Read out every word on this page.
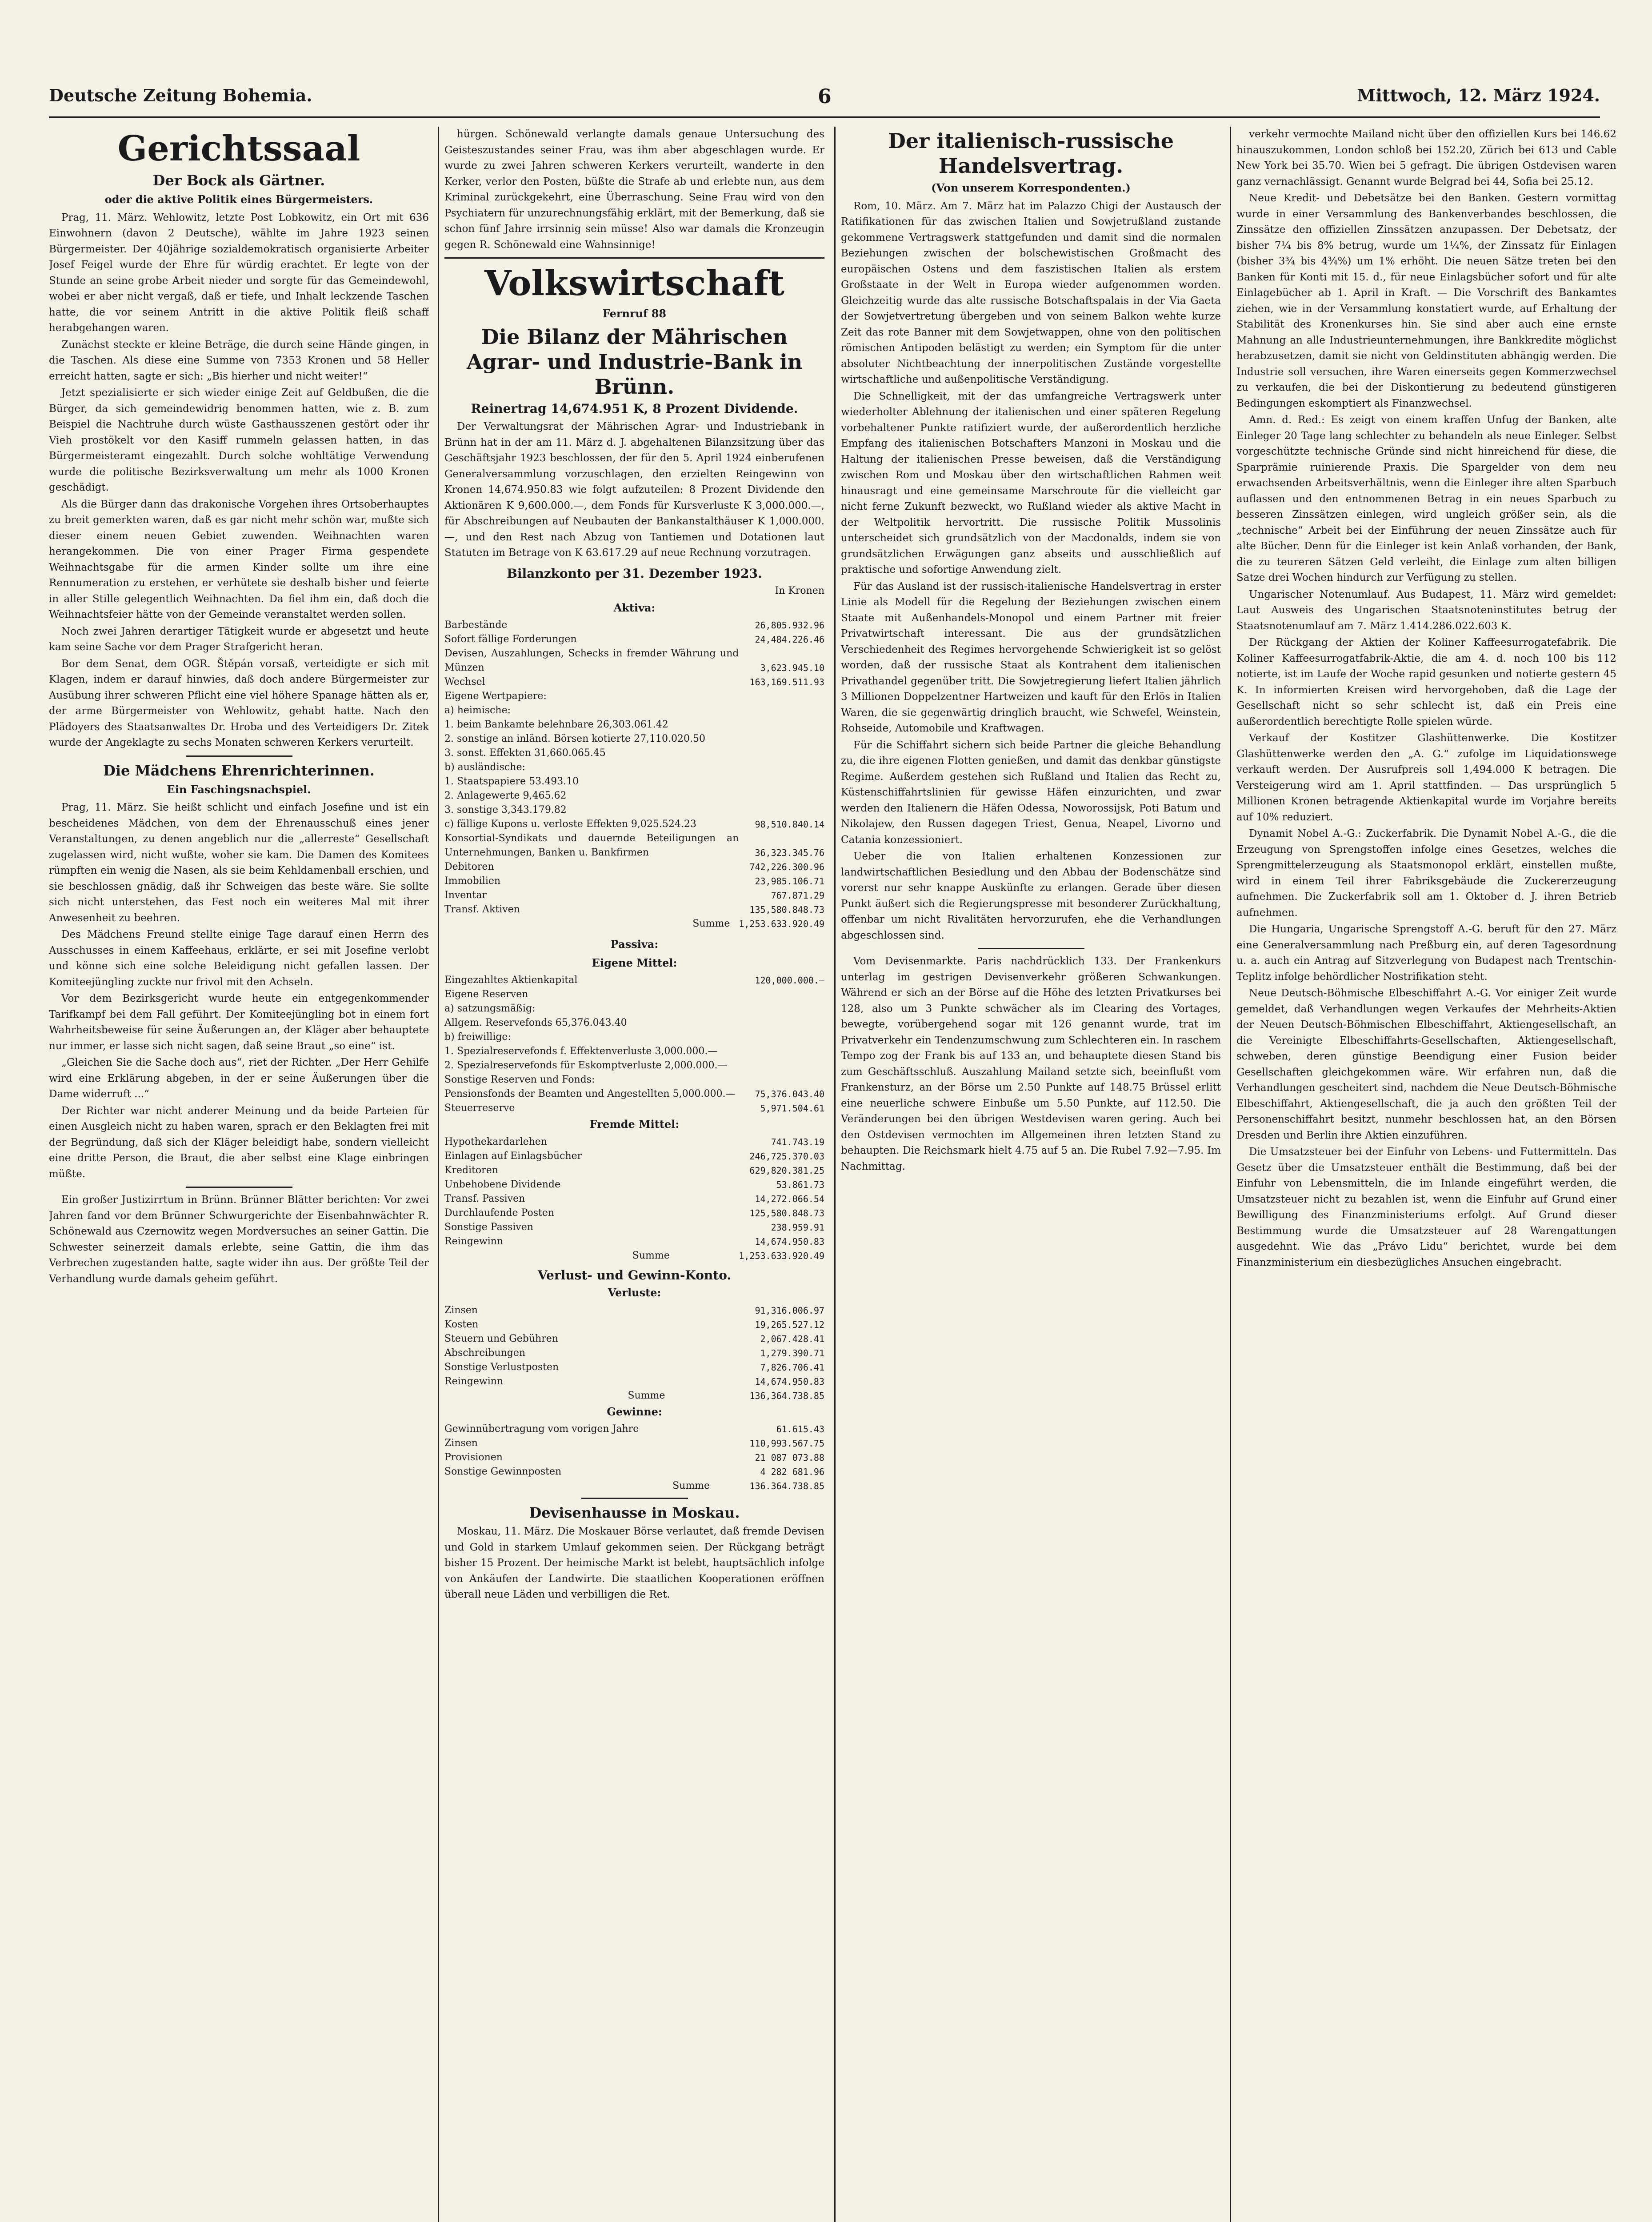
Deutsche Zeitung Bohemia.	6	Mittwoch, 12. März 1924.
Gerichtssaal
Der Bock als Gärtner.
oder die aktive Politik eines Bürgermeisters.

Prag, 11. März. Wehlowitz, letzte Post Lobkowitz, ein Ort mit 636 Einwohnern (davon 2 Deutsche), wählte im Jahre 1923 seinen Bürgermeister. Der 40jährige sozialdemokratisch organisierte Arbeiter Josef Feigel wurde der Ehre für würdig erachtet. Er legte von der Stunde an seine grobe Arbeit nieder und sorgte für das Gemeindewohl, wobei er aber nicht vergaß, daß er tiefe, und Inhalt leckzende Taschen hatte, die vor seinem Antritt in die aktive Politik fleiß schaff herabgehangen waren.

Zunächst steckte er kleine Beträge, die durch seine Hände gingen, in die Taschen. Als diese eine Summe von 7353 Kronen und 58 Heller erreicht hatten, sagte er sich: „Bis hierher und nicht weiter!“

Jetzt spezialisierte er sich wieder einige Zeit auf Geldbußen, die die Bürger, da sich gemeindewidrig benommen hatten, wie z. B. zum Beispiel die Nachtruhe durch wüste Gasthausszenen gestört oder ihr Vieh prostökelt vor den Kasiff rummeln gelassen hatten, in das Bürgermeisteramt eingezahlt. Durch solche wohltätige Verwendung wurde die politische Bezirksverwaltung um mehr als 1000 Kronen geschädigt.

Als die Bürger dann das drakonische Vorgehen ihres Ortsoberhauptes zu breit gemerkten waren, daß es gar nicht mehr schön war, mußte sich dieser einem neuen Gebiet zuwenden. Weihnachten waren herangekommen. Die von einer Prager Firma gespendete Weihnachtsgabe für die armen Kinder sollte um ihre eine Rennumeration zu erstehen, er verhütete sie deshalb bisher und feierte in aller Stille gelegentlich Weihnachten. Da fiel ihm ein, daß doch die Weihnachtsfeier hätte von der Gemeinde veranstaltet werden sollen.

Noch zwei Jahren derartiger Tätigkeit wurde er abgesetzt und heute kam seine Sache vor dem Prager Strafgericht heran.

Bor dem Senat, dem OGR. Štěpán vorsaß, verteidigte er sich mit Klagen, indem er darauf hinwies, daß doch andere Bürgermeister zur Ausübung ihrer schweren Pflicht eine viel höhere Spanage hätten als er, der arme Bürgermeister von Wehlowitz, gehabt hatte. Nach den Plädoyers des Staatsanwaltes Dr. Hroba und des Verteidigers Dr. Zitek wurde der Angeklagte zu sechs Monaten schweren Kerkers verurteilt.

Die Mädchens Ehrenrichterinnen.
Ein Faschingsnachspiel.

Prag, 11. März. Sie heißt schlicht und einfach Josefine und ist ein bescheidenes Mädchen, von dem der Ehrenausschuß eines jener Veranstaltungen, zu denen angeblich nur die „allerreste“ Gesellschaft zugelassen wird, nicht wußte, woher sie kam. Die Damen des Komitees rümpften ein wenig die Nasen, als sie beim Kehldamenball erschien, und sie beschlossen gnädig, daß ihr Schweigen das beste wäre. Sie sollte sich nicht unterstehen, das Fest noch ein weiteres Mal mit ihrer Anwesenheit zu beehren.

Des Mädchens Freund stellte einige Tage darauf einen Herrn des Ausschusses in einem Kaffeehaus, erklärte, er sei mit Josefine verlobt und könne sich eine solche Beleidigung nicht gefallen lassen. Der Komiteejüngling zuckte nur frivol mit den Achseln.

Vor dem Bezirksgericht wurde heute ein entgegenkommender Tarifkampf bei dem Fall geführt. Der Komiteejüngling bot in einem fort Wahrheitsbeweise für seine Äußerungen an, der Kläger aber behauptete nur immer, er lasse sich nicht sagen, daß seine Braut „so eine“ ist.

„Gleichen Sie die Sache doch aus“, riet der Richter. „Der Herr Gehilfe wird eine Erklärung abgeben, in der er seine Äußerungen über die Dame widerruft ...“

Der Richter war nicht anderer Meinung und da beide Parteien für einen Ausgleich nicht zu haben waren, sprach er den Beklagten frei mit der Begründung, daß sich der Kläger beleidigt habe, sondern vielleicht eine dritte Person, die Braut, die aber selbst eine Klage einbringen müßte.

Ein großer Justizirrtum in Brünn. Brünner Blätter berichten: Vor zwei Jahren fand vor dem Brünner Schwurgerichte der Eisenbahnwächter R. Schönewald aus Czernowitz wegen Mordversuches an seiner Gattin. Die Schwester seinerzeit damals erlebte, seine Gattin, die ihm das Verbrechen zugestanden hatte, sagte wider ihn aus. Der größte Teil der Verhandlung wurde damals geheim geführt.

hürgen. Schönewald verlangte damals genaue Untersuchung des Geisteszustandes seiner Frau, was ihm aber abgeschlagen wurde. Er wurde zu zwei Jahren schweren Kerkers verurteilt, wanderte in den Kerker, verlor den Posten, büßte die Strafe ab und erlebte nun, aus dem Kriminal zurückgekehrt, eine Überraschung. Seine Frau wird von den Psychiatern für unzurechnungsfähig erklärt, mit der Bemerkung, daß sie schon fünf Jahre irrsinnig sein müsse! Also war damals die Kronzeugin gegen R. Schönewald eine Wahnsinnige!

Volkswirtschaft
Fernruf 88
Die Bilanz der Mährischen Agrar- und Industrie-Bank in Brünn.
Reinertrag 14,674.951 K, 8 Prozent Dividende.

Der Verwaltungsrat der Mährischen Agrar- und Industriebank in Brünn hat in der am 11. März d. J. abgehaltenen Bilanzsitzung über das Geschäftsjahr 1923 beschlossen, der für den 5. April 1924 einberufenen Generalversammlung vorzuschlagen, den erzielten Reingewinn von Kronen 14,674.950.83 wie folgt aufzuteilen: 8 Prozent Dividende den Aktionären K 9,600.000.—, dem Fonds für Kursverluste K 3,000.000.—, für Abschreibungen auf Neubauten der Bankanstalthäuser K 1,000.000.—, und den Rest nach Abzug von Tantiemen und Dotationen laut Statuten im Betrage von K 63.617.29 auf neue Rechnung vorzutragen.

Bilanzkonto per 31. Dezember 1923.
In Kronen
Aktiva:
Barbestände	26,805.932.96
Sofort fällige Forderungen	24,484.226.46
Devisen, Auszahlungen, Schecks in fremder Währung und Münzen	3,623.945.10
Wechsel	163,169.511.93
Eigene Wertpapiere:	
a) heimische:	
1. beim Bankamte belehnbare 26,303.061.42	
2. sonstige an inländ. Börsen kotierte 27,110.020.50	
3. sonst. Effekten 31,660.065.45	
b) ausländische:	
1. Staatspapiere 53.493.10	
2. Anlagewerte 9,465.62	
3. sonstige 3,343.179.82	
c) fällige Kupons u. verloste Effekten 9,025.524.23	98,510.840.14
Konsortial-Syndikats und dauernde Beteiligungen an Unternehmungen, Banken u. Bankfirmen	36,323.345.76
Debitoren	742,226.300.96
Immobilien	23,985.106.71
Inventar	767.871.29
Transf. Aktiven	135,580.848.73
Summe	1,253.633.920.49
Passiva:
Eigene Mittel:
Eingezahltes Aktienkapital	120,000.000.—
Eigene Reserven	
a) satzungsmäßig:	
Allgem. Reservefonds 65,376.043.40	
b) freiwillige:	
1. Spezialreservefonds f. Effektenverluste 3,000.000.—	
2. Spezialreservefonds für Eskomptverluste 2,000.000.—	
Sonstige Reserven und Fonds:	
Pensionsfonds der Beamten und Angestellten 5,000.000.—	75,376.043.40
Steuerreserve	5,971.504.61
Fremde Mittel:
Hypothekardarlehen	741.743.19
Einlagen auf Einlagsbücher	246,725.370.03
Kreditoren	629,820.381.25
Unbehobene Dividende	53.861.73
Transf. Passiven	14,272.066.54
Durchlaufende Posten	125,580.848.73
Sonstige Passiven	238.959.91
Reingewinn	14,674.950.83
Summe	1,253.633.920.49
Verlust- und Gewinn-Konto.
Verluste:
Zinsen	91,316.006.97
Kosten	19,265.527.12
Steuern und Gebühren	2,067.428.41
Abschreibungen	1,279.390.71
Sonstige Verlustposten	7,826.706.41
Reingewinn	14,674.950.83
Summe	136,364.738.85
Gewinne:
Gewinnübertragung vom vorigen Jahre	61.615.43
Zinsen	110,993.567.75
Provisionen	21 087 073.88
Sonstige Gewinnposten	4 282 681.96
Summe	136.364.738.85
Devisenhausse in Moskau.

Moskau, 11. März. Die Moskauer Börse verlautet, daß fremde Devisen und Gold in starkem Umlauf gekommen seien. Der Rückgang beträgt bisher 15 Prozent. Der heimische Markt ist belebt, hauptsächlich infolge von Ankäufen der Landwirte. Die staatlichen Kooperationen eröffnen überall neue Läden und verbilligen die Ret.

Der italienisch-russische Handelsvertrag.
(Von unserem Korrespondenten.)

Rom, 10. März. Am 7. März hat im Palazzo Chigi der Austausch der Ratifikationen für das zwischen Italien und Sowjetrußland zustande gekommene Vertragswerk stattgefunden und damit sind die normalen Beziehungen zwischen der bolschewistischen Großmacht des europäischen Ostens und dem faszistischen Italien als erstem Großstaate in der Welt in Europa wieder aufgenommen worden. Gleichzeitig wurde das alte russische Botschaftspalais in der Via Gaeta der Sowjetvertretung übergeben und von seinem Balkon wehte kurze Zeit das rote Banner mit dem Sowjetwappen, ohne von den politischen römischen Antipoden belästigt zu werden; ein Symptom für die unter absoluter Nichtbeachtung der innerpolitischen Zustände vorgestellte wirtschaftliche und außenpolitische Verständigung.

Die Schnelligkeit, mit der das umfangreiche Vertragswerk unter wiederholter Ablehnung der italienischen und einer späteren Regelung vorbehaltener Punkte ratifiziert wurde, der außerordentlich herzliche Empfang des italienischen Botschafters Manzoni in Moskau und die Haltung der italienischen Presse beweisen, daß die Verständigung zwischen Rom und Moskau über den wirtschaftlichen Rahmen weit hinausragt und eine gemeinsame Marschroute für die vielleicht gar nicht ferne Zukunft bezweckt, wo Rußland wieder als aktive Macht in der Weltpolitik hervortritt. Die russische Politik Mussolinis unterscheidet sich grundsätzlich von der Macdonalds, indem sie von grundsätzlichen Erwägungen ganz abseits und ausschließlich auf praktische und sofortige Anwendung zielt.

Für das Ausland ist der russisch-italienische Handelsvertrag in erster Linie als Modell für die Regelung der Beziehungen zwischen einem Staate mit Außenhandels-Monopol und einem Partner mit freier Privatwirtschaft interessant. Die aus der grundsätzlichen Verschiedenheit des Regimes hervorgehende Schwierigkeit ist so gelöst worden, daß der russische Staat als Kontrahent dem italienischen Privathandel gegenüber tritt. Die Sowjetregierung liefert Italien jährlich 3 Millionen Doppelzentner Hartweizen und kauft für den Erlös in Italien Waren, die sie gegenwärtig dringlich braucht, wie Schwefel, Weinstein, Rohseide, Automobile und Kraftwagen.

Für die Schiffahrt sichern sich beide Partner die gleiche Behandlung zu, die ihre eigenen Flotten genießen, und damit das denkbar günstigste Regime. Außerdem gestehen sich Rußland und Italien das Recht zu, Küstenschiffahrtslinien für gewisse Häfen einzurichten, und zwar werden den Italienern die Häfen Odessa, Noworossijsk, Poti Batum und Nikolajew, den Russen dagegen Triest, Genua, Neapel, Livorno und Catania konzessioniert.

Ueber die von Italien erhaltenen Konzessionen zur landwirtschaftlichen Besiedlung und den Abbau der Bodenschätze sind vorerst nur sehr knappe Auskünfte zu erlangen. Gerade über diesen Punkt äußert sich die Regierungspresse mit besonderer Zurückhaltung, offenbar um nicht Rivalitäten hervorzurufen, ehe die Verhandlungen abgeschlossen sind.

Vom Devisenmarkte. Paris nachdrücklich 133. Der Frankenkurs unterlag im gestrigen Devisenverkehr größeren Schwankungen. Während er sich an der Börse auf die Höhe des letzten Privatkurses bei 128, also um 3 Punkte schwächer als im Clearing des Vortages, bewegte, vorübergehend sogar mit 126 genannt wurde, trat im Privatverkehr ein Tendenzumschwung zum Schlechteren ein. In raschem Tempo zog der Frank bis auf 133 an, und behauptete diesen Stand bis zum Geschäftsschluß. Auszahlung Mailand setzte sich, beeinflußt vom Frankensturz, an der Börse um 2.50 Punkte auf 148.75 Brüssel erlitt eine neuerliche schwere Einbuße um 5.50 Punkte, auf 112.50. Die Veränderungen bei den übrigen Westdevisen waren gering. Auch bei den Ostdevisen vermochten im Allgemeinen ihren letzten Stand zu behaupten. Die Reichsmark hielt 4.75 auf 5 an. Die Rubel 7.92—7.95. Im Nachmittag.

verkehr vermochte Mailand nicht über den offiziellen Kurs bei 146.62 hinauszukommen, London schloß bei 152.20, Zürich bei 613 und Cable New York bei 35.70. Wien bei 5 gefragt. Die übrigen Ostdevisen waren ganz vernachlässigt. Genannt wurde Belgrad bei 44, Sofia bei 25.12.

Neue Kredit- und Debetsätze bei den Banken. Gestern vormittag wurde in einer Versammlung des Bankenverbandes beschlossen, die Zinssätze den offiziellen Zinssätzen anzupassen. Der Debetsatz, der bisher 7¼ bis 8% betrug, wurde um 1¼%, der Zinssatz für Einlagen (bisher 3¾ bis 4¾%) um 1% erhöht. Die neuen Sätze treten bei den Banken für Konti mit 15. d., für neue Einlagsbücher sofort und für alte Einlagebücher ab 1. April in Kraft. — Die Vorschrift des Bankamtes ziehen, wie in der Versammlung konstatiert wurde, auf Erhaltung der Stabilität des Kronenkurses hin. Sie sind aber auch eine ernste Mahnung an alle Industrieunternehmungen, ihre Bankkredite möglichst herabzusetzen, damit sie nicht von Geldinstituten abhängig werden. Die Industrie soll versuchen, ihre Waren einerseits gegen Kommerzwechsel zu verkaufen, die bei der Diskontierung zu bedeutend günstigeren Bedingungen eskomptiert als Finanzwechsel.

Amn. d. Red.: Es zeigt von einem kraffen Unfug der Banken, alte Einleger 20 Tage lang schlechter zu behandeln als neue Einleger. Selbst vorgeschützte technische Gründe sind nicht hinreichend für diese, die Sparprämie ruinierende Praxis. Die Spargelder von dem neu erwachsenden Arbeitsverhältnis, wenn die Einleger ihre alten Sparbuch auflassen und den entnommenen Betrag in ein neues Sparbuch zu besseren Zinssätzen einlegen, wird ungleich größer sein, als die „technische“ Arbeit bei der Einführung der neuen Zinssätze auch für alte Bücher. Denn für die Einleger ist kein Anlaß vorhanden, der Bank, die zu teureren Sätzen Geld verleiht, die Einlage zum alten billigen Satze drei Wochen hindurch zur Verfügung zu stellen.

Ungarischer Notenumlauf. Aus Budapest, 11. März wird gemeldet: Laut Ausweis des Ungarischen Staatsnoteninstitutes betrug der Staatsnotenumlauf am 7. März 1.414.286.022.603 K.

Der Rückgang der Aktien der Koliner Kaffeesurrogatefabrik. Die Koliner Kaffeesurrogatfabrik-Aktie, die am 4. d. noch 100 bis 112 notierte, ist im Laufe der Woche rapid gesunken und notierte gestern 45 K. In informierten Kreisen wird hervorgehoben, daß die Lage der Gesellschaft nicht so sehr schlecht ist, daß ein Preis eine außerordentlich berechtigte Rolle spielen würde.

Verkauf der Kostitzer Glashüttenwerke. Die Kostitzer Glashüttenwerke werden den „A. G.“ zufolge im Liquidationswege verkauft werden. Der Ausrufpreis soll 1,494.000 K betragen. Die Versteigerung wird am 1. April stattfinden. — Das ursprünglich 5 Millionen Kronen betragende Aktienkapital wurde im Vorjahre bereits auf 10% reduziert.

Dynamit Nobel A.-G.: Zuckerfabrik. Die Dynamit Nobel A.-G., die die Erzeugung von Sprengstoffen infolge eines Gesetzes, welches die Sprengmittelerzeugung als Staatsmonopol erklärt, einstellen mußte, wird in einem Teil ihrer Fabriksgebäude die Zuckererzeugung aufnehmen. Die Zuckerfabrik soll am 1. Oktober d. J. ihren Betrieb aufnehmen.

Die Hungaria, Ungarische Sprengstoff A.-G. beruft für den 27. März eine Generalversammlung nach Preßburg ein, auf deren Tagesordnung u. a. auch ein Antrag auf Sitzverlegung von Budapest nach Trentschin-Teplitz infolge behördlicher Nostrifikation steht.

Neue Deutsch-Böhmische Elbeschiffahrt A.-G. Vor einiger Zeit wurde gemeldet, daß Verhandlungen wegen Verkaufes der Mehrheits-Aktien der Neuen Deutsch-Böhmischen Elbeschiffahrt, Aktiengesellschaft, an die Vereinigte Elbeschiffahrts-Gesellschaften, Aktiengesellschaft, schweben, deren günstige Beendigung einer Fusion beider Gesellschaften gleichgekommen wäre. Wir erfahren nun, daß die Verhandlungen gescheitert sind, nachdem die Neue Deutsch-Böhmische Elbeschiffahrt, Aktiengesellschaft, die ja auch den größten Teil der Personenschiffahrt besitzt, nunmehr beschlossen hat, an den Börsen Dresden und Berlin ihre Aktien einzuführen.

Die Umsatzsteuer bei der Einfuhr von Lebens- und Futtermitteln. Das Gesetz über die Umsatzsteuer enthält die Bestimmung, daß bei der Einfuhr von Lebensmitteln, die im Inlande eingeführt werden, die Umsatzsteuer nicht zu bezahlen ist, wenn die Einfuhr auf Grund einer Bewilligung des Finanzministeriums erfolgt. Auf Grund dieser Bestimmung wurde die Umsatzsteuer auf 28 Warengattungen ausgedehnt. Wie das „Právo Lidu“ berichtet, wurde bei dem Finanzministerium ein diesbezügliches Ansuchen eingebracht.
